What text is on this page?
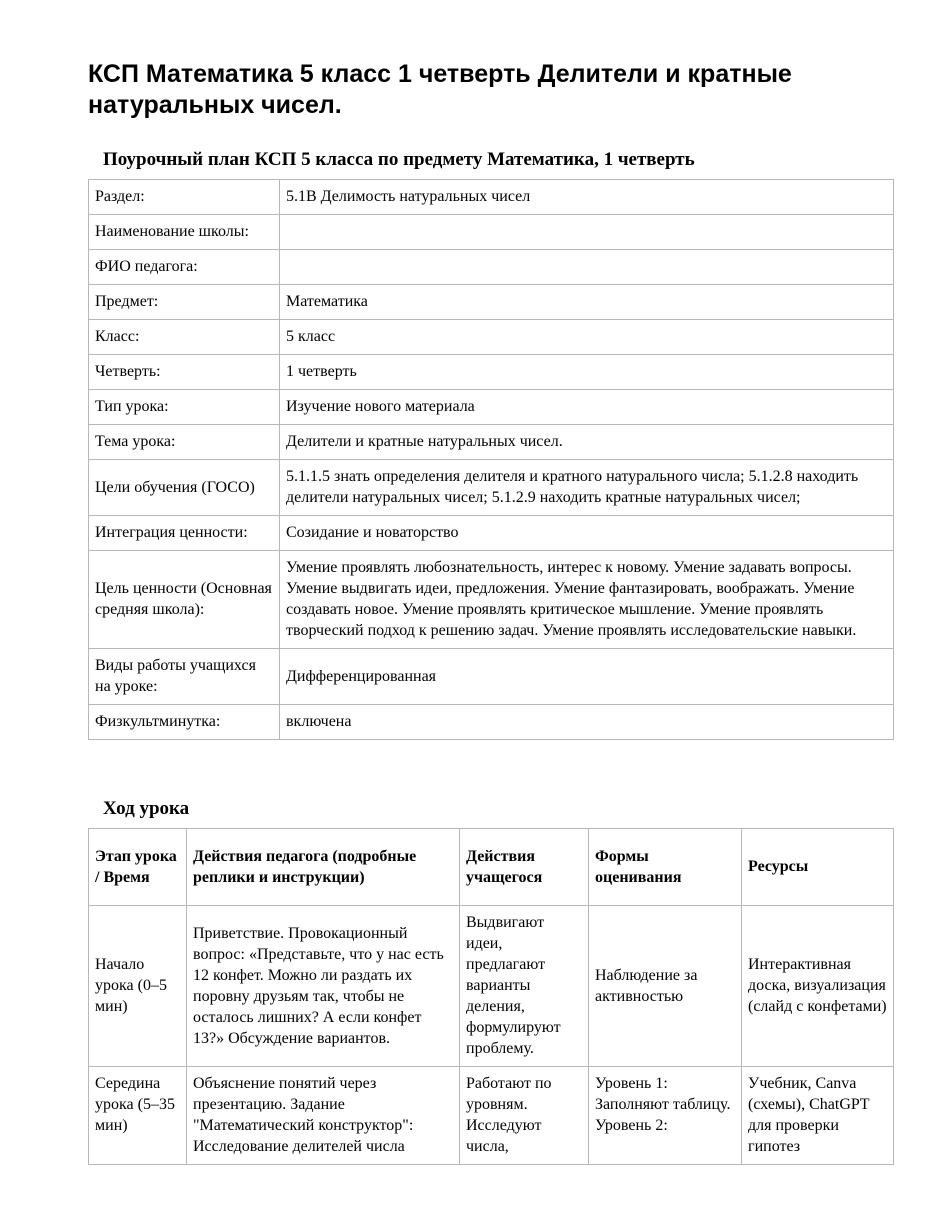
КСП Математика 5 класс 1 четверть Делители и кратные натуральных чисел.
Поурочный план КСП 5 класса по предмету Математика, 1 четверть
Раздел:	5.1В Делимость натуральных чисел
Наименование школы:	
ФИО педагога:	
Предмет:	Математика
Класс:	5 класс
Четверть:	1 четверть
Тип урока:	Изучение нового материала
Тема урока:	Делители и кратные натуральных чисел.
Цели обучения (ГОСО)	5.1.1.5 знать определения делителя и кратного натурального числа; 5.1.2.8 находить делители натуральных чисел; 5.1.2.9 находить кратные натуральных чисел;
Интеграция ценности:	Созидание и новаторство
Цель ценности (Основная средняя школа):	Умение проявлять любознательность, интерес к новому. Умение задавать вопросы. Умение выдвигать идеи, предложения. Умение фантазировать, воображать. Умение создавать новое. Умение проявлять критическое мышление. Умение проявлять творческий подход к решению задач. Умение проявлять исследовательские навыки.
Виды работы учащихся на уроке:	Дифференцированная
Физкультминутка:	включена
Ход урока
Этап урока / Время	Действия педагога (подробные реплики и инструкции)	Действия учащегося	Формы оценивания	Ресурсы
Начало урока (0–5 мин)	Приветствие. Провокационный вопрос: «Представьте, что у нас есть 12 конфет. Можно ли раздать их поровну друзьям так, чтобы не осталось лишних? А если конфет 13?» Обсуждение вариантов.	Выдвигают идеи, предлагают варианты деления, формулируют проблему.	Наблюдение за активностью	Интерактивная доска, визуализация (слайд с конфетами)

Середина урока (5–35 мин)	Объяснение понятий через презентацию. Задание "Математический конструктор": Исследование делителей числа	Работают по уровням. Исследуют числа,	Уровень 1: Заполняют таблицу. Уровень 2:	Учебник, Canva (схемы), ChatGPT для проверки гипотез
